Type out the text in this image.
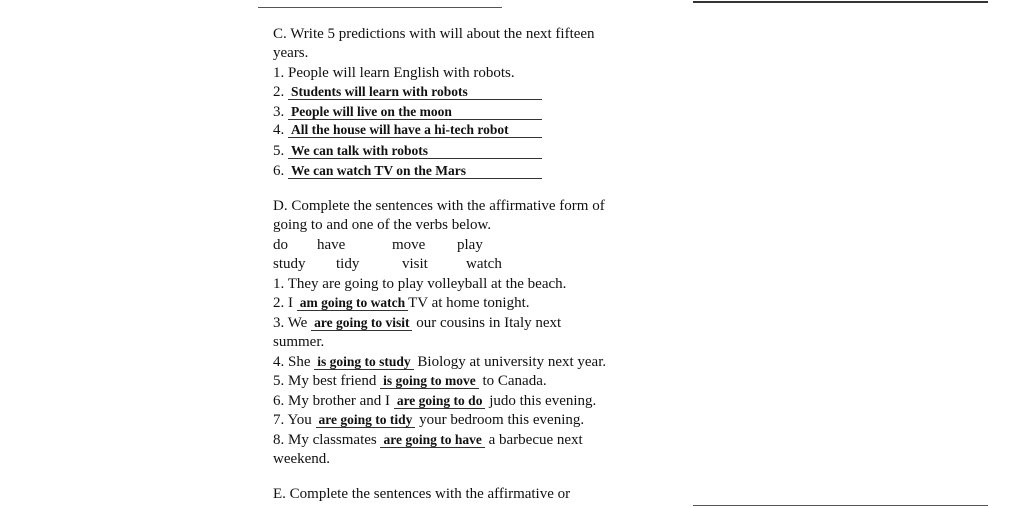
C. Write 5 predictions with will about the next fifteen
years.
1. People will learn English with robots.
2. Students will learn with robots
3. People will live on the moon
4. All the house will have a hi-tech robot
5. We can talk with robots
6. We can watch TV on the Mars
D. Complete the sentences with the affirmative form of
going to and one of the verbs below.
do have	move play
study tidy	visit	watch
1. They are going to play volleyball at the beach.
2. I am going to watch TV at home tonight.
3. We are going to visit our cousins in Italy next
summer.
4. She is going to study Biology at university next year.
5. My best friend is going to move to Canada.
6. My brother and I are going to do judo this evening.
7. You are going to tidy your bedroom this evening.
8. My classmates are going to have a barbecue next
weekend.
E. Complete the sentences with the affirmative or
